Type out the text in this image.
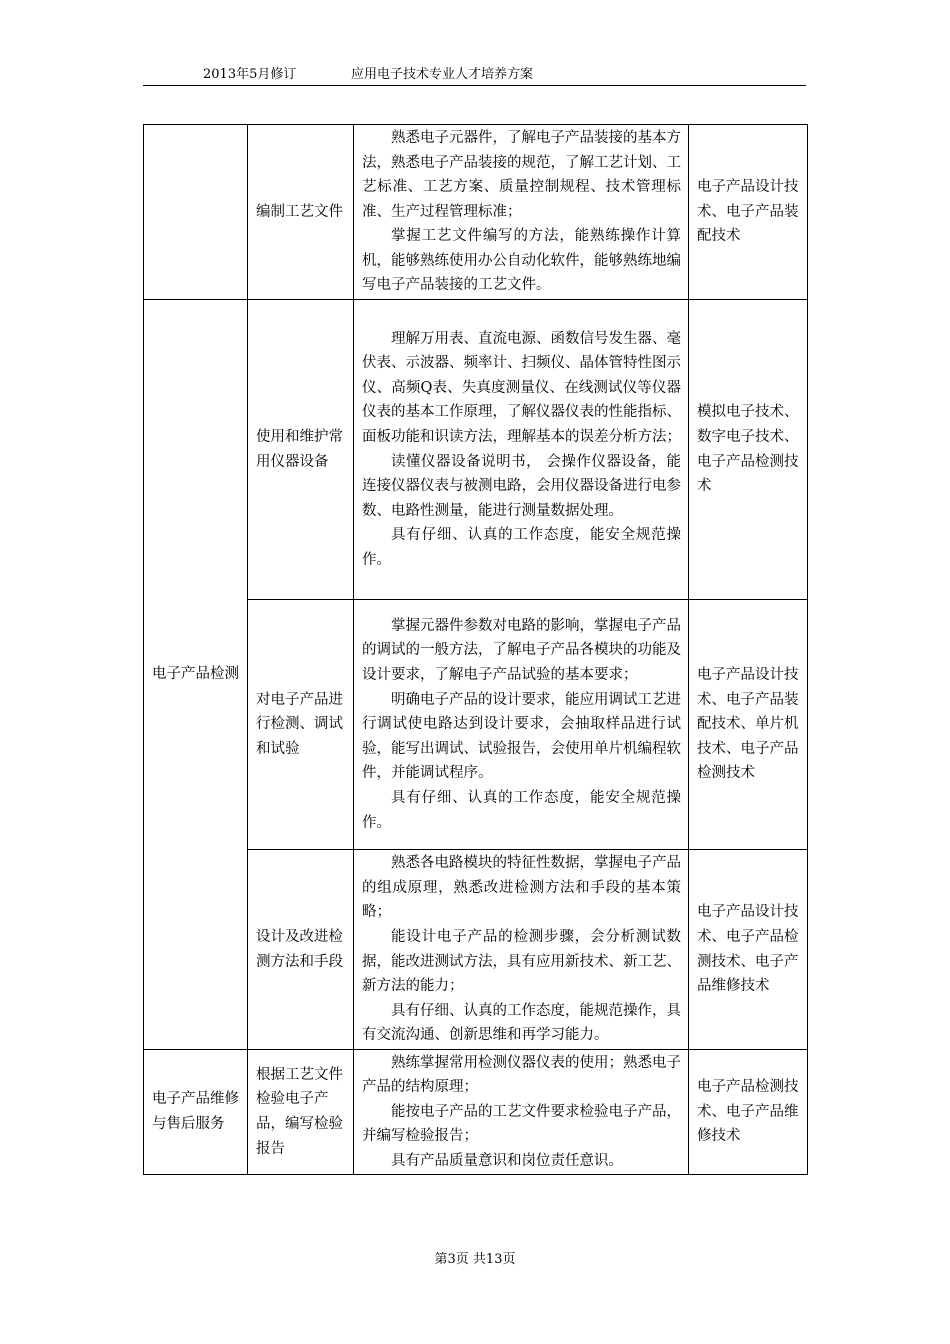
2013年5月修订	应用电子技术专业人才培养方案
	编制工艺文件	熟悉电子元器件，了解电子产品装接的基本方法，熟悉电子产品装接的规范，了解工艺计划、工艺标准、工艺方案、质量控制规程、技术管理标准、生产过程管理标准；

掌握工艺文件编写的方法，能熟练操作计算机，能够熟练使用办公自动化软件，能够熟练地编写电子产品装接的工艺文件。	电子产品设计技术、电子产品装配技术
电子产品检测	使用和维护常用仪器设备	理解万用表、直流电源、函数信号发生器、毫伏表、示波器、频率计、扫频仪、晶体管特性图示仪、高频Q表、失真度测量仪、在线测试仪等仪器仪表的基本工作原理，了解仪器仪表的性能指标、面板功能和识读方法，理解基本的误差分析方法；

读懂仪器设备说明书， 会操作仪器设备，能连接仪器仪表与被测电路，会用仪器设备进行电参数、电路性测量，能进行测量数据处理。

具有仔细、认真的工作态度，能安全规范操作。	模拟电子技术、数字电子技术、电子产品检测技术
	对电子产品进行检测、调试和试验	掌握元器件参数对电路的影响，掌握电子产品的调试的一般方法，了解电子产品各模块的功能及设计要求，了解电子产品试验的基本要求；

明确电子产品的设计要求，能应用调试工艺进行调试使电路达到设计要求，会抽取样品进行试验，能写出调试、试验报告，会使用单片机编程软件，并能调试程序。

具有仔细、认真的工作态度，能安全规范操作。	电子产品设计技术、电子产品装配技术、单片机技术、电子产品检测技术
	设计及改进检测方法和手段	熟悉各电路模块的特征性数据，掌握电子产品的组成原理，熟悉改进检测方法和手段的基本策略；

能设计电子产品的检测步骤，会分析测试数据，能改进测试方法，具有应用新技术、新工艺、新方法的能力；

具有仔细、认真的工作态度，能规范操作，具有交流沟通、创新思维和再学习能力。	电子产品设计技术、电子产品检测技术、电子产品维修技术
电子产品维修与售后服务	根据工艺文件检验电子产品，编写检验报告	熟练掌握常用检测仪器仪表的使用；熟悉电子产品的结构原理；

能按电子产品的工艺文件要求检验电子产品，并编写检验报告；

具有产品质量意识和岗位责任意识。	电子产品检测技术、电子产品维修技术
第3页 共13页
